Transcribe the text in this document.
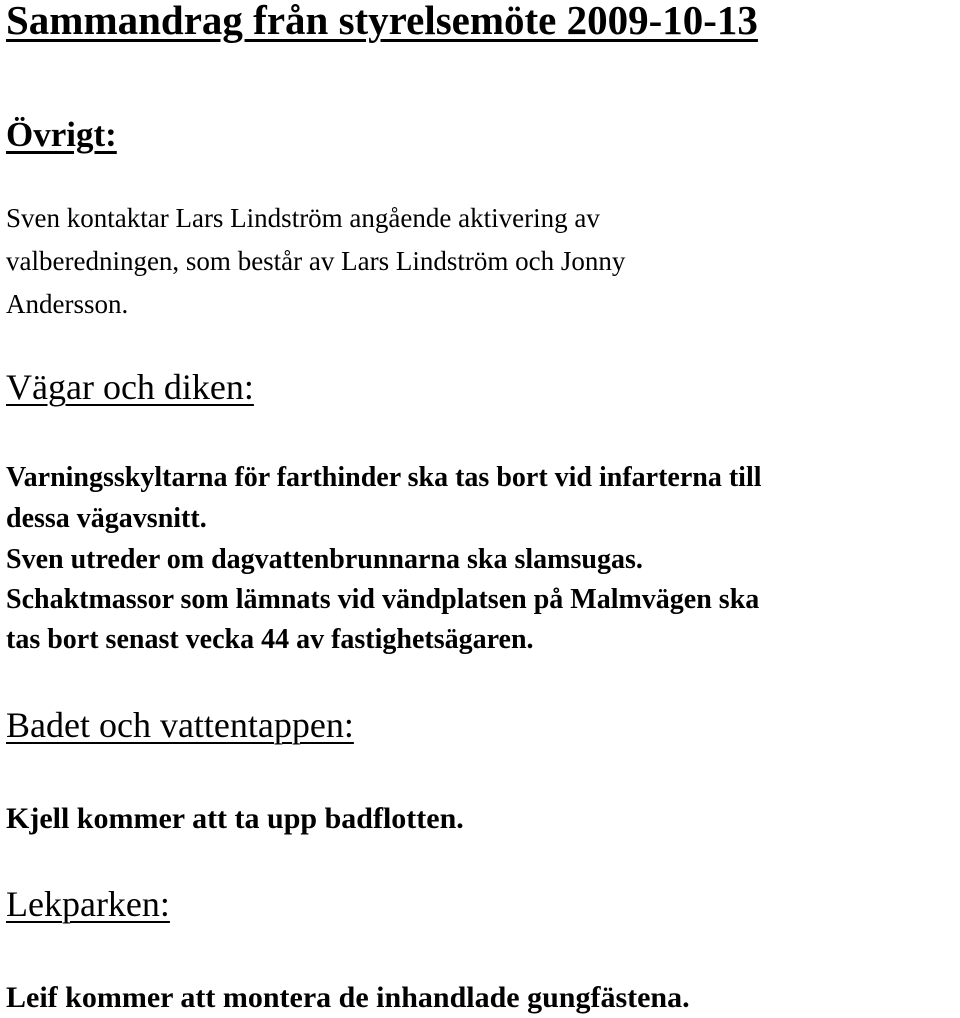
Sammandrag från styrelsemöte 2009-10-13
Övrigt:

Sven kontaktar Lars Lindström angående aktivering av

valberedningen, som består av Lars Lindström och Jonny

Andersson.

Vägar och diken:

Varningsskyltarna för farthinder ska tas bort vid infarterna till

dessa vägavsnitt.

Sven utreder om dagvattenbrunnarna ska slamsugas.

Schaktmassor som lämnats vid vändplatsen på Malmvägen ska

tas bort senast vecka 44 av fastighetsägaren.

Badet och vattentappen:

Kjell kommer att ta upp badflotten.

Lekparken:

Leif kommer att montera de inhandlade gungfästena.
